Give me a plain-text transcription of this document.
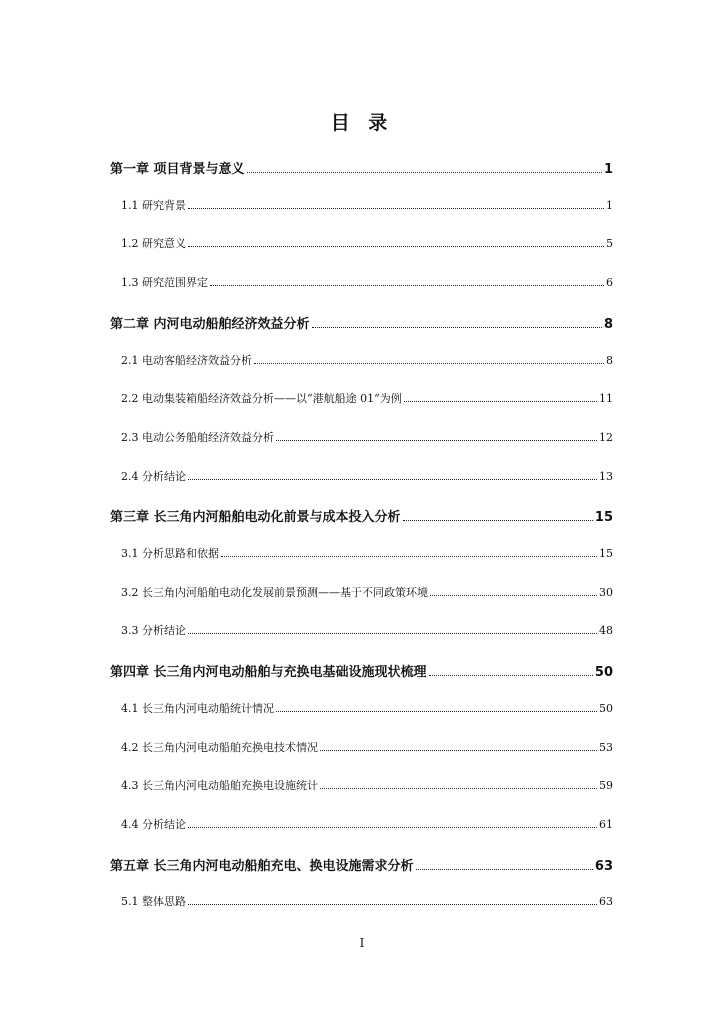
目 录
第一章 项目背景与意义	1
1.1 研究背景	1
1.2 研究意义	5
1.3 研究范围界定	6
第二章 内河电动船舶经济效益分析	8
2.1 电动客船经济效益分析	8
2.2 电动集装箱船经济效益分析——以“港航船途 01”为例	11
2.3 电动公务船舶经济效益分析	12
2.4 分析结论	13
第三章 长三角内河船舶电动化前景与成本投入分析	15
3.1 分析思路和依据	15
3.2 长三角内河船舶电动化发展前景预测——基于不同政策环境	30
3.3 分析结论	48
第四章 长三角内河电动船舶与充换电基础设施现状梳理	50
4.1 长三角内河电动船统计情况	50
4.2 长三角内河电动船舶充换电技术情况	53
4.3 长三角内河电动船舶充换电设施统计	59
4.4 分析结论	61
第五章 长三角内河电动船舶充电、换电设施需求分析	63
5.1 整体思路	63
I
